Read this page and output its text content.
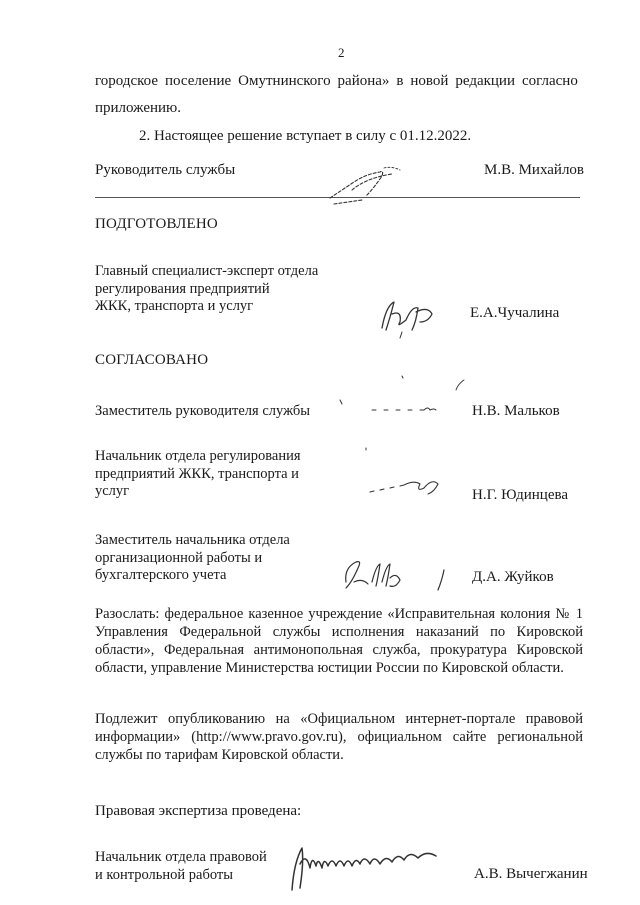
2
городское поселение Омутнинского района» в новой редакции согласно
приложению.
2. Настоящее решение вступает в силу с 01.12.2022.
Руководитель службы	М.В. Михайлов
ПОДГОТОВЛЕНО
Главный специалист-эксперт отдела
регулирования предприятий
ЖКК, транспорта и услуг	Е.А.Чучалина
СОГЛАСОВАНО
Заместитель руководителя службы	Н.В. Мальков
Начальник отдела регулирования
предприятий ЖКК, транспорта и
услуг	Н.Г. Юдинцева
Заместитель начальника отдела
организационной работы и
бухгалтерского учета	Д.А. Жуйков
Разослать: федеральное казенное учреждение «Исправительная колония № 1 Управления Федеральной службы исполнения наказаний по Кировской области», Федеральная антимонопольная служба, прокуратура Кировской области, управление Министерства юстиции России по Кировской области.
Подлежит опубликованию на «Официальном интернет-портале правовой информации» (http://www.pravo.gov.ru), официальном сайте региональной службы по тарифам Кировской области.
Правовая экспертиза проведена:
Начальник отдела правовой
и контрольной работы	А.В. Вычегжанин
